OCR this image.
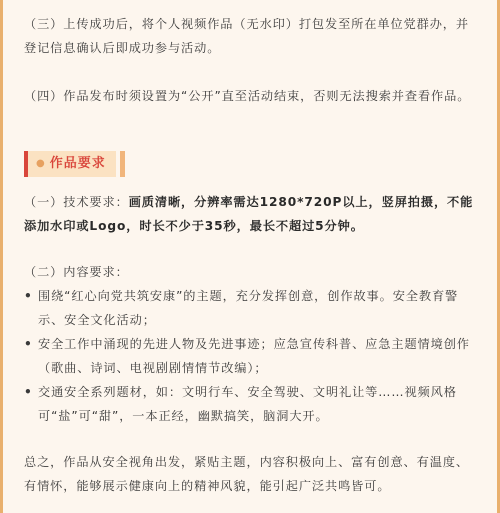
（三）上传成功后，将个人视频作品（无水印）打包发至所在单位党群办，并登记信息确认后即成功参与活动。

（四）作品发布时须设置为“公开”直至活动结束，否则无法搜索并查看作品。

● 作品要求

（一）技术要求：画质清晰，分辨率需达1280*720P以上，竖屏拍摄，不能添加水印或Logo，时长不少于35秒，最长不超过5分钟。

（二）内容要求：
• 围绕“红心向党共筑安康”的主题，充分发挥创意，创作故事。安全教育警示、安全文化活动；
• 安全工作中涌现的先进人物及先进事迹；应急宣传科普、应急主题情境创作（歌曲、诗词、电视剧剧情情节改编）；
• 交通安全系列题材，如：文明行车、安全驾驶、文明礼让等……视频风格可“盐”可“甜”，一本正经，幽默搞笑，脑洞大开。

总之，作品从安全视角出发，紧贴主题，内容积极向上、富有创意、有温度、有情怀，能够展示健康向上的精神风貌，能引起广泛共鸣皆可。
